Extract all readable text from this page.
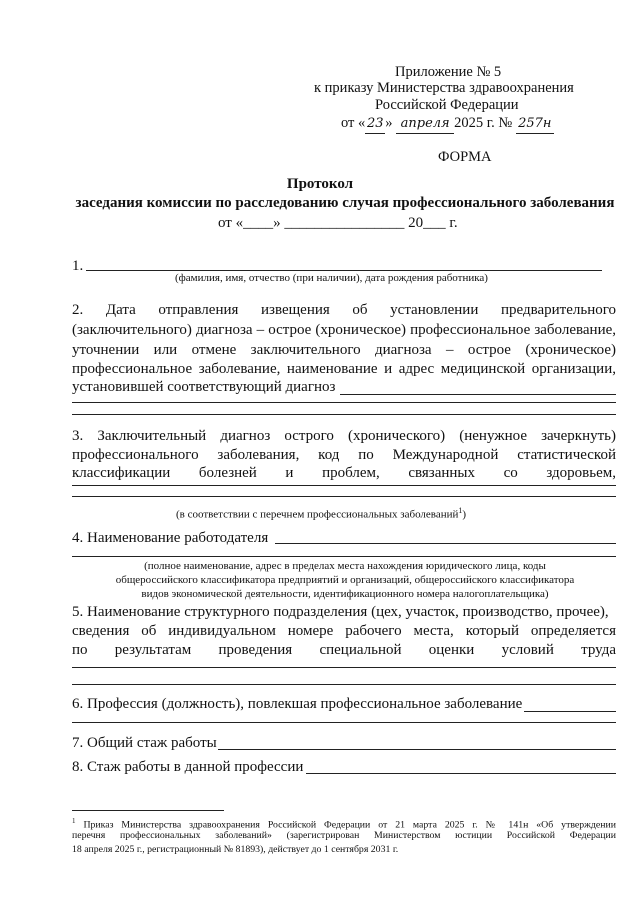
Приложение № 5
к приказу Министерства здравоохранения
Российской Федерации
от « 23 » апреля 2025 г. № 257н
ФОРМА
Протокол
заседания комиссии по расследованию случая профессионального заболевания
от «____» ________________ 20___ г.
1.
(фамилия, имя, отчество (при наличии), дата рождения работника)
2. Дата отправления извещения об установлении предварительного
(заключительного) диагноза – острое (хроническое) профессиональное заболевание,
уточнении или отмене заключительного диагноза – острое (хроническое)
профессиональное заболевание, наименование и адрес медицинской организации,
установившей соответствующий диагноз
3. Заключительный диагноз острого (хронического) (ненужное зачеркнуть)
профессионального заболевания, код по Международной статистической
классификации болезней и проблем, связанных со здоровьем,
(в соответствии с перечнем профессиональных заболеваний$^1$)
4. Наименование работодателя
(полное наименование, адрес в пределах места нахождения юридического лица, коды
общероссийского классификатора предприятий и организаций, общероссийского классификатора
видов экономической деятельности, идентификационного номера налогоплательщика)
5. Наименование структурного подразделения (цех, участок, производство, прочее),
сведения об индивидуальном номере рабочего места, который определяется
по результатам проведения специальной оценки условий труда
6. Профессия (должность), повлекшая профессиональное заболевание
7. Общий стаж работы
8. Стаж работы в данной профессии
$^1$ Приказ Министерства здравоохранения Российской Федерации от 21 марта 2025 г. № 141н «Об утверждении
перечня профессиональных заболеваний» (зарегистрирован Министерством юстиции Российской Федерации
18 апреля 2025 г., регистрационный № 81893), действует до 1 сентября 2031 г.
